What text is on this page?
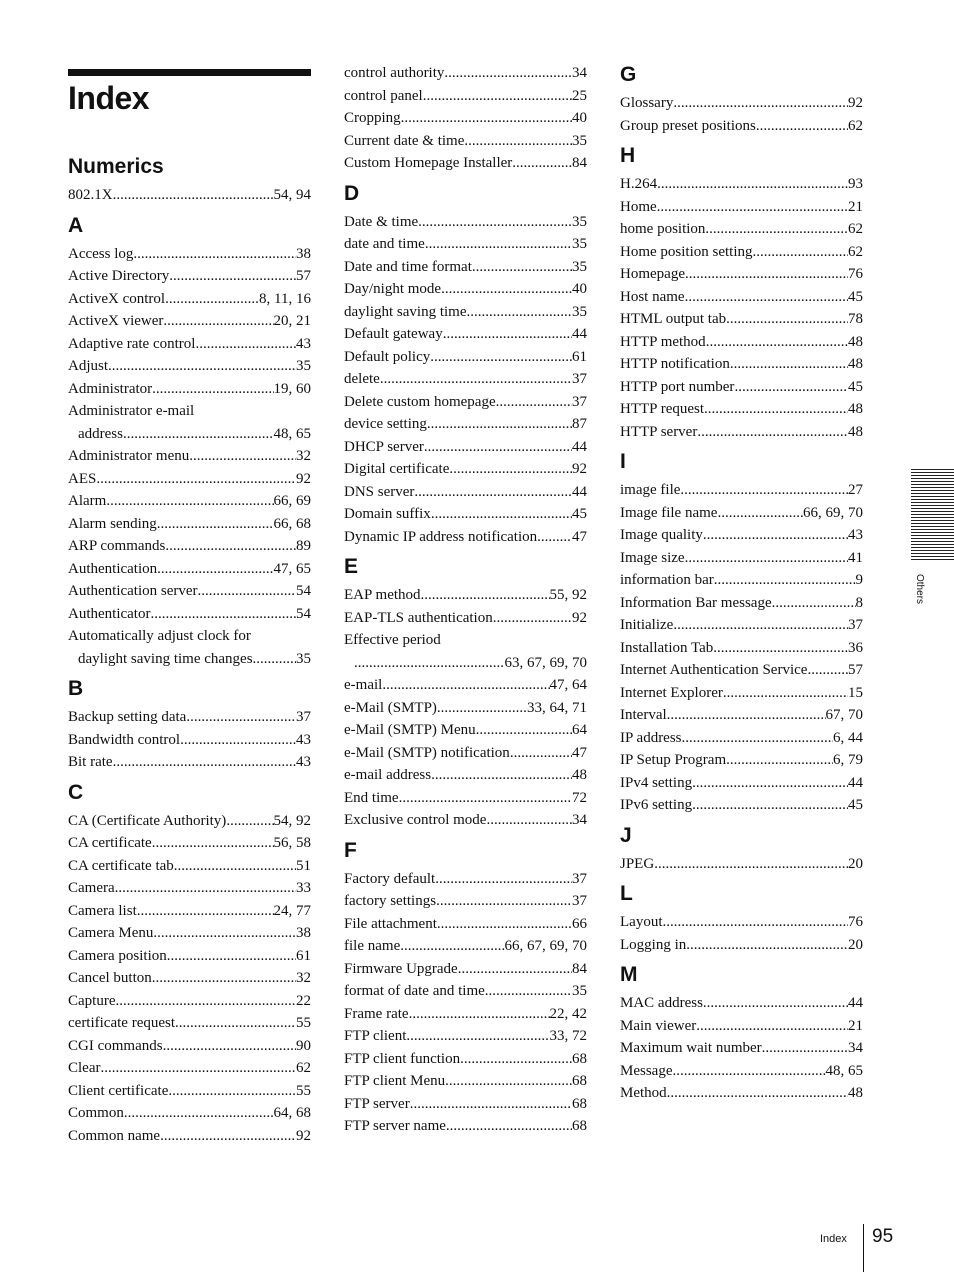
Index
Numerics
802.1X .....	54, 94
A
Access log .....	38
Active Directory .....	57
ActiveX control .....	8, 11, 16
ActiveX viewer .....	20, 21
Adaptive rate control .....	43
Adjust .....	35
Administrator .....	19, 60
Administrator e-mail
address .....	48, 65
Administrator menu .....	32
AES .....	92
Alarm .....	66, 69
Alarm sending .....	66, 68
ARP commands .....	89
Authentication .....	47, 65
Authentication server .....	54
Authenticator .....	54
Automatically adjust clock for
daylight saving time changes .....	35
B
Backup setting data .....	37
Bandwidth control .....	43
Bit rate .....	43
C
CA (Certificate Authority) .....	54, 92
CA certificate .....	56, 58
CA certificate tab .....	51
Camera .....	33
Camera list .....	24, 77
Camera Menu .....	38
Camera position .....	61
Cancel button .....	32
Capture .....	22
certificate request .....	55
CGI commands .....	90
Clear .....	62
Client certificate .....	55
Common .....	64, 68
Common name .....	92
control authority .....	34
control panel .....	25
Cropping .....	40
Current date & time .....	35
Custom Homepage Installer .....	84
D
Date & time .....	35
date and time .....	35
Date and time format .....	35
Day/night mode .....	40
daylight saving time .....	35
Default gateway .....	44
Default policy .....	61
delete .....	37
Delete custom homepage .....	37
device setting .....	87
DHCP server .....	44
Digital certificate .....	92
DNS server .....	44
Domain suffix .....	45
Dynamic IP address notification ..... 47
E
EAP method .....	55, 92
EAP-TLS authentication .....	92
Effective period
.....
63, 67, 69, 70
e-mail .....	47, 64
e-Mail (SMTP) .....	33, 64, 71
e-Mail (SMTP) Menu .....	64
e-Mail (SMTP) notification .....	47
e-mail address .....	48
End time .....	72
Exclusive control mode .....	34
F
Factory default .....	37
factory settings .....	37
File attachment .....	66
file name .....	66, 67, 69, 70
Firmware Upgrade .....	84
format of date and time .....	35
Frame rate .....	22, 42
FTP client .....	33, 72
FTP client function .....	68
FTP client Menu .....	68
FTP server .....	68
FTP server name .....	68
G
Glossary .....	92
Group preset positions .....	62
H
H.264 .....	93
Home .....	21
home position .....	62
Home position setting .....	62
Homepage .....	76
Host name .....	45
HTML output tab .....	78
HTTP method .....	48
HTTP notification .....	48
HTTP port number .....	45
HTTP request .....	48
HTTP server .....	48
I
image file .....	27
Image file name .....	66, 69, 70
Image quality .....	43
Image size .....	41
information bar .....	9
Information Bar message .....	8
Initialize .....	37
Installation Tab .....	36
Internet Authentication Service .....	57
Internet Explorer .....	15
Interval .....	67, 70
IP address .....	6, 44
IP Setup Program .....	6, 79
IPv4 setting .....	44
IPv6 setting .....	45
J
JPEG .....	20
L
Layout .....	76
Logging in .....	20
M
MAC address .....	44
Main viewer .....	21
Maximum wait number .....	34
Message .....	48, 65
Method .....	48
Others
Index 95
